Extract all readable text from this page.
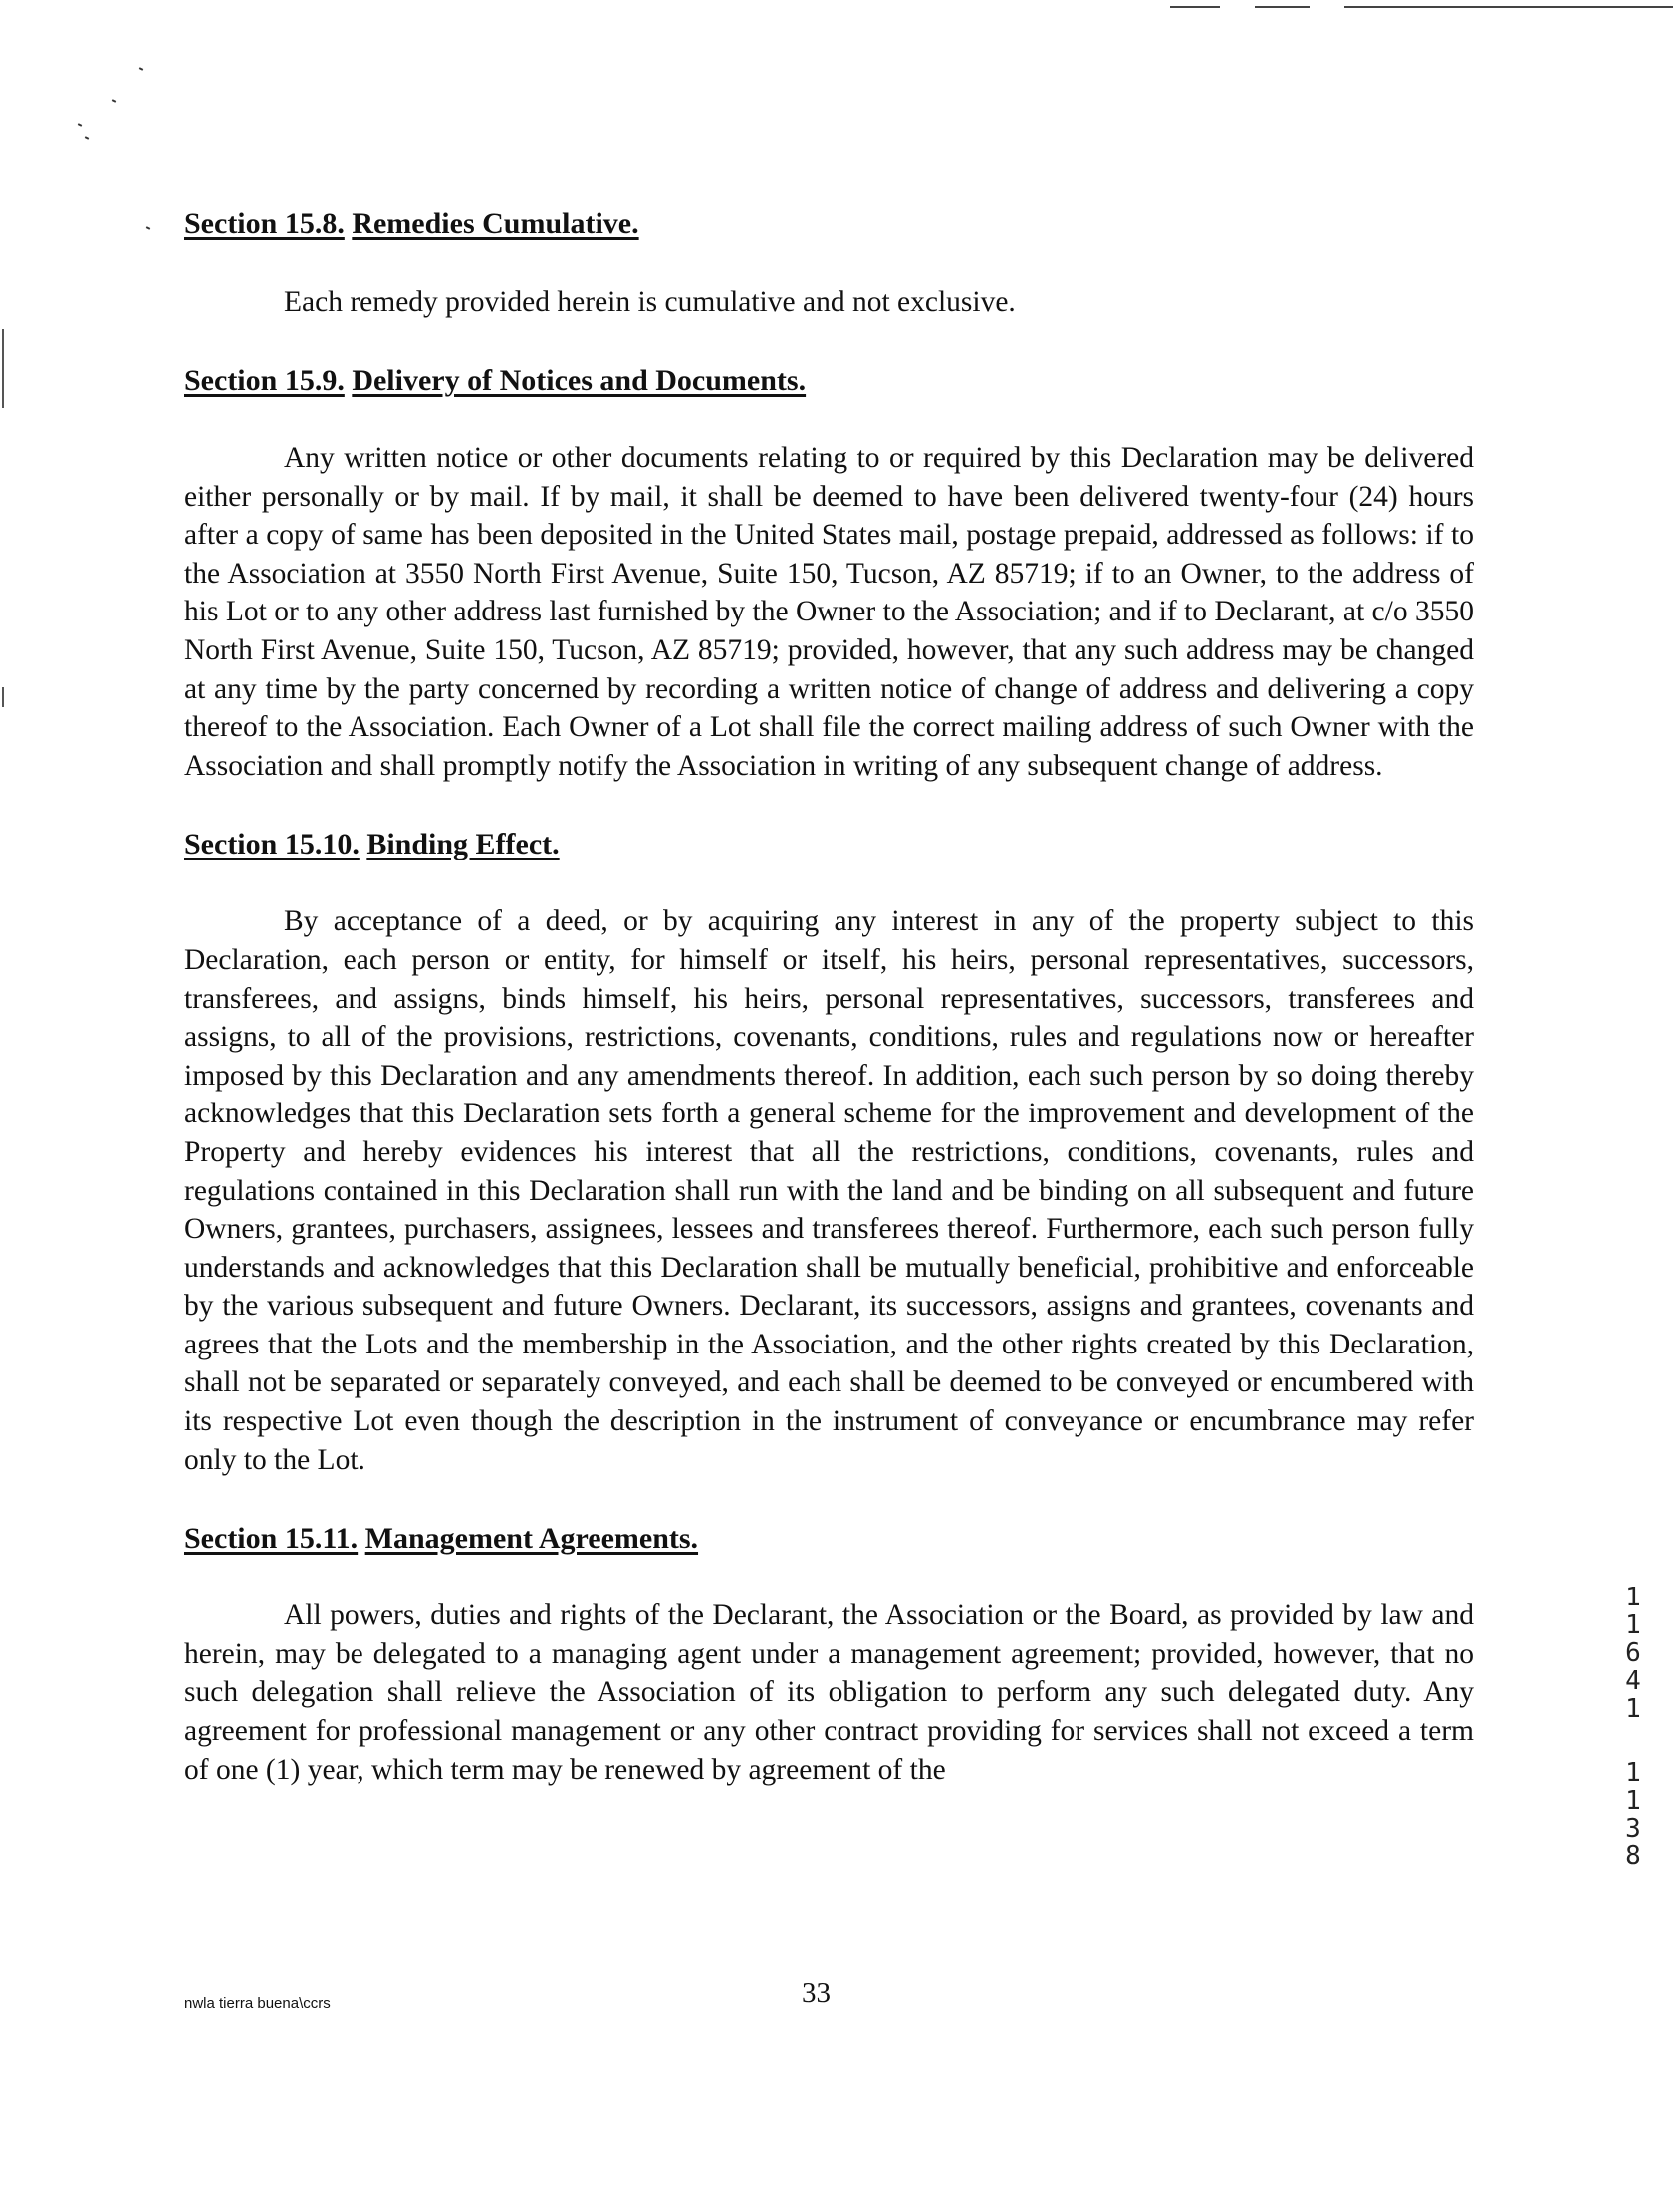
Section 15.8. Remedies Cumulative.

Each remedy provided herein is cumulative and not exclusive.

Section 15.9. Delivery of Notices and Documents.

Any written notice or other documents relating to or required by this Declaration may be delivered either personally or by mail. If by mail, it shall be deemed to have been delivered twenty-four (24) hours after a copy of same has been deposited in the United States mail, postage prepaid, addressed as follows: if to the Association at 3550 North First Avenue, Suite 150, Tucson, AZ 85719; if to an Owner, to the address of his Lot or to any other address last furnished by the Owner to the Association; and if to Declarant, at c/o 3550 North First Avenue, Suite 150, Tucson, AZ 85719; provided, however, that any such address may be changed at any time by the party concerned by recording a written notice of change of address and delivering a copy thereof to the Association. Each Owner of a Lot shall file the correct mailing address of such Owner with the Association and shall promptly notify the Association in writing of any subsequent change of address.

Section 15.10. Binding Effect.

By acceptance of a deed, or by acquiring any interest in any of the property subject to this Declaration, each person or entity, for himself or itself, his heirs, personal representatives, successors, transferees, and assigns, binds himself, his heirs, personal representatives, successors, transferees and assigns, to all of the provisions, restrictions, covenants, conditions, rules and regulations now or hereafter imposed by this Declaration and any amendments thereof. In addition, each such person by so doing thereby acknowledges that this Declaration sets forth a general scheme for the improvement and development of the Property and hereby evidences his interest that all the restrictions, conditions, covenants, rules and regulations contained in this Declaration shall run with the land and be binding on all subsequent and future Owners, grantees, purchasers, assignees, lessees and transferees thereof. Furthermore, each such person fully understands and acknowledges that this Declaration shall be mutually beneficial, prohibitive and enforceable by the various subsequent and future Owners. Declarant, its successors, assigns and grantees, covenants and agrees that the Lots and the membership in the Association, and the other rights created by this Declaration, shall not be separated or separately conveyed, and each shall be deemed to be conveyed or encumbered with its respective Lot even though the description in the instrument of conveyance or encumbrance may refer only to the Lot.

Section 15.11. Management Agreements.

All powers, duties and rights of the Declarant, the Association or the Board, as provided by law and herein, may be delegated to a managing agent under a management agreement; provided, however, that no such delegation shall relieve the Association of its obligation to perform any such delegated duty. Any agreement for professional management or any other contract providing for services shall not exceed a term of one (1) year, which term may be renewed by agreement of the

1
1
6
4
1
1
1
3
8
33
nwla tierra buena\ccrs
